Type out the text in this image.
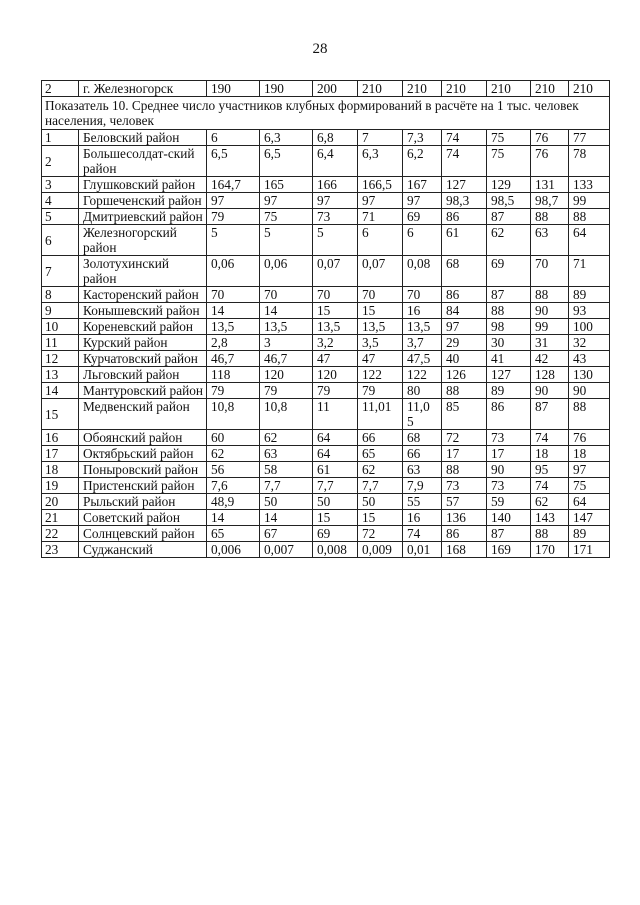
28
2	г. Железногорск	190	190	200	210	210	210	210	210	210
Показатель 10. Среднее число участников клубных формирований в расчёте на 1 тыс. человек населения, человек										
1	Беловский район	6	6,3	6,8	7	7,3	74	75	76	77
2	Большесолдат-ский район	6,5	6,5	6,4	6,3	6,2	74	75	76	78
3	Глушковский район	164,7	165	166	166,5	167	127	129	131	133
4	Горшеченский район	97	97	97	97	97	98,3	98,5	98,7	99
5	Дмитриевский район	79	75	73	71	69	86	87	88	88
6	Железногорский район	5	5	5	6	6	61	62	63	64
7	Золотухинский район	0,06	0,06	0,07	0,07	0,08	68	69	70	71
8	Касторенский район	70	70	70	70	70	86	87	88	89
9	Конышевский район	14	14	15	15	16	84	88	90	93
10	Кореневский район	13,5	13,5	13,5	13,5	13,5	97	98	99	100
11	Курский район	2,8	3	3,2	3,5	3,7	29	30	31	32
12	Курчатовский район	46,7	46,7	47	47	47,5	40	41	42	43
13	Льговский район	118	120	120	122	122	126	127	128	130
14	Мантуровский район	79	79	79	79	80	88	89	90	90
15	Медвенский район	10,8	10,8	11	11,01	11,0 5	85	86	87	88
16	Обоянский район	60	62	64	66	68	72	73	74	76
17	Октябрьский район	62	63	64	65	66	17	17	18	18
18	Поныровский район	56	58	61	62	63	88	90	95	97
19	Пристенский район	7,6	7,7	7,7	7,7	7,9	73	73	74	75
20	Рыльский район	48,9	50	50	50	55	57	59	62	64
21	Советский район	14	14	15	15	16	136	140	143	147
22	Солнцевский район	65	67	69	72	74	86	87	88	89
23	Суджанский	0,006	0,007	0,008	0,009	0,01	168	169	170	171
